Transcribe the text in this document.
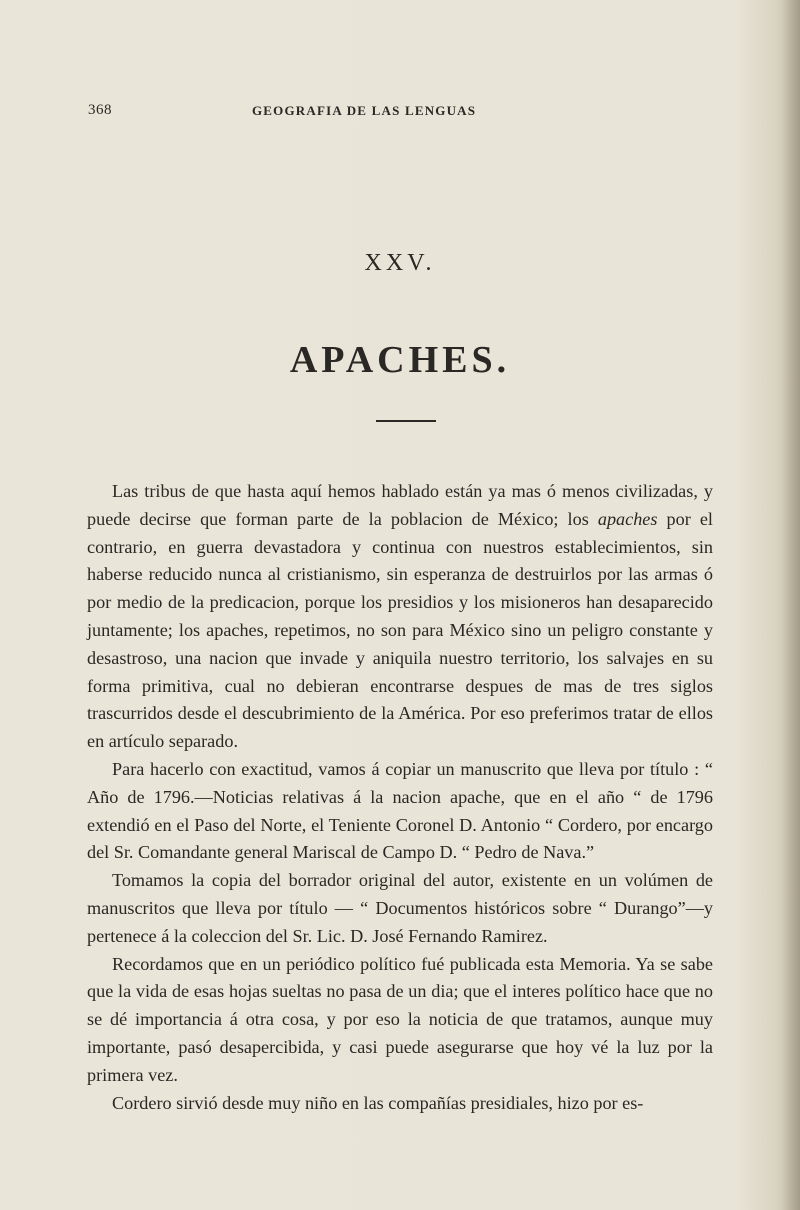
368	GEOGRAFIA DE LAS LENGUAS
XXV.
APACHES.

Las tribus de que hasta aquí hemos hablado están ya mas ó menos civilizadas, y puede decirse que forman parte de la poblacion de México; los apaches por el contrario, en guerra devastadora y continua con nuestros establecimientos, sin haberse reducido nunca al cristianismo, sin esperanza de destruirlos por las armas ó por medio de la predicacion, porque los presidios y los misioneros han desaparecido juntamente; los apaches, repetimos, no son para México sino un peligro constante y desastroso, una nacion que invade y aniquila nuestro territorio, los salvajes en su forma primitiva, cual no debieran encontrarse despues de mas de tres siglos trascurridos desde el descubrimiento de la América. Por eso preferimos tratar de ellos en artículo separado.

Para hacerlo con exactitud, vamos á copiar un manuscrito que lleva por título : “ Año de 1796.—Noticias relativas á la nacion apache, que en el año “ de 1796 extendió en el Paso del Norte, el Teniente Coronel D. Antonio “ Cordero, por encargo del Sr. Comandante general Mariscal de Campo D. “ Pedro de Nava.”

Tomamos la copia del borrador original del autor, existente en un volúmen de manuscritos que lleva por título — “ Documentos históricos sobre “ Durango”—y pertenece á la coleccion del Sr. Lic. D. José Fernando Ramirez.

Recordamos que en un periódico político fué publicada esta Memoria. Ya se sabe que la vida de esas hojas sueltas no pasa de un dia; que el interes político hace que no se dé importancia á otra cosa, y por eso la noticia de que tratamos, aunque muy importante, pasó desapercibida, y casi puede asegurarse que hoy vé la luz por la primera vez.

Cordero sirvió desde muy niño en las compañías presidiales, hizo por es-
